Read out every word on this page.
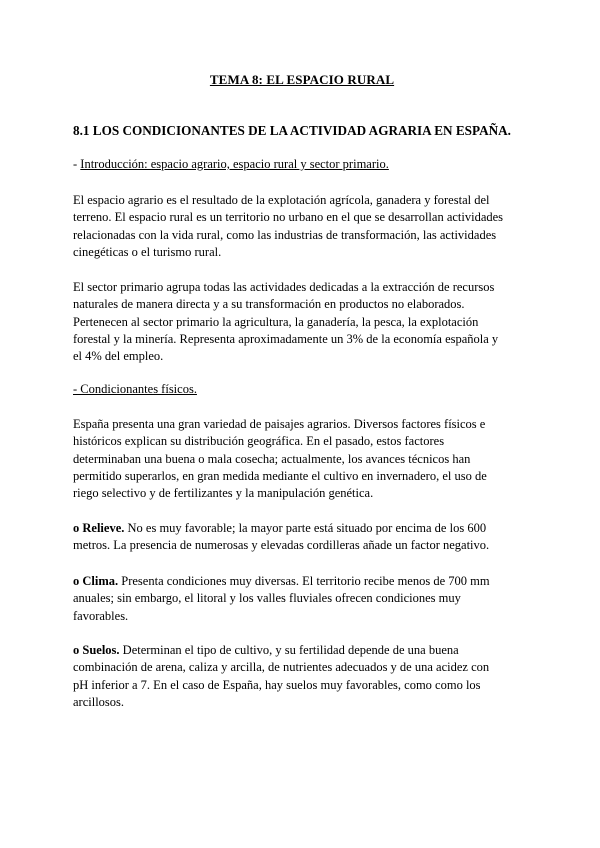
TEMA 8: EL ESPACIO RURAL
8.1 LOS CONDICIONANTES DE LA ACTIVIDAD AGRARIA EN ESPAÑA.
- Introducción: espacio agrario, espacio rural y sector primario.
El espacio agrario es el resultado de la explotación agrícola, ganadera y forestal del
terreno. El espacio rural es un territorio no urbano en el que se desarrollan actividades
relacionadas con la vida rural, como las industrias de transformación, las actividades
cinegéticas o el turismo rural.
El sector primario agrupa todas las actividades dedicadas a la extracción de recursos
naturales de manera directa y a su transformación en productos no elaborados.
Pertenecen al sector primario la agricultura, la ganadería, la pesca, la explotación
forestal y la minería. Representa aproximadamente un 3% de la economía española y
el 4% del empleo.
- Condicionantes físicos.
España presenta una gran variedad de paisajes agrarios. Diversos factores físicos e
históricos explican su distribución geográfica. En el pasado, estos factores
determinaban una buena o mala cosecha; actualmente, los avances técnicos han
permitido superarlos, en gran medida mediante el cultivo en invernadero, el uso de
riego selectivo y de fertilizantes y la manipulación genética.
o Relieve. No es muy favorable; la mayor parte está situado por encima de los 600
metros. La presencia de numerosas y elevadas cordilleras añade un factor negativo.
o Clima. Presenta condiciones muy diversas. El territorio recibe menos de 700 mm
anuales; sin embargo, el litoral y los valles fluviales ofrecen condiciones muy
favorables.
o Suelos. Determinan el tipo de cultivo, y su fertilidad depende de una buena
combinación de arena, caliza y arcilla, de nutrientes adecuados y de una acidez con
pH inferior a 7. En el caso de España, hay suelos muy favorables, como como los
arcillosos.
